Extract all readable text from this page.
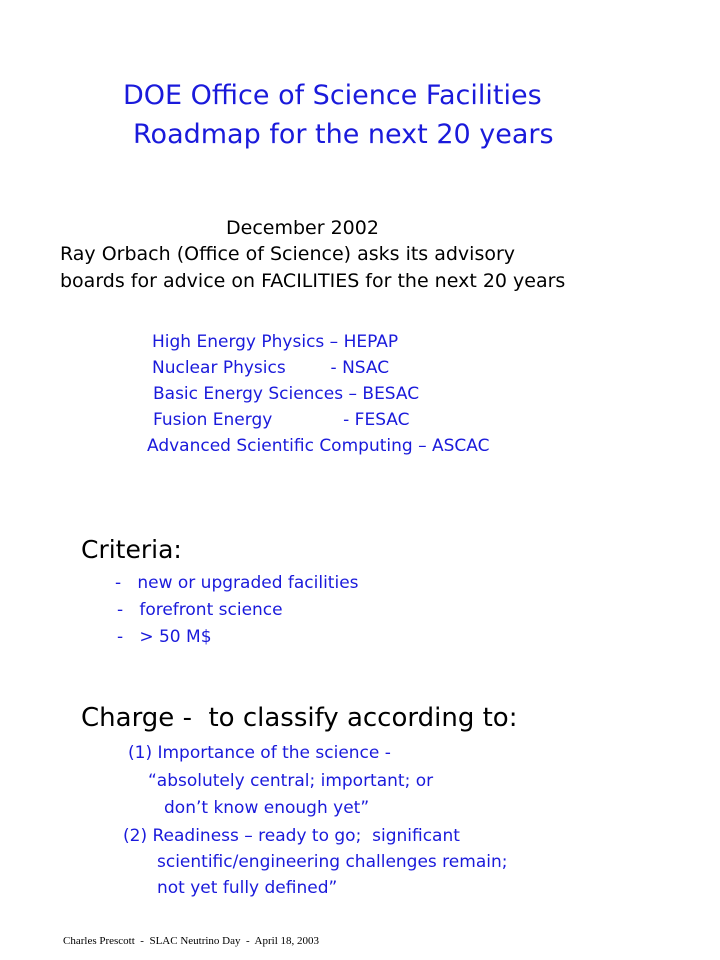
DOE Office of Science Facilities
Roadmap for the next 20 years
December 2002
Ray Orbach (Office of Science) asks its advisory
boards for advice on FACILITIES for the next 20 years
High Energy Physics – HEPAP
Nuclear Physics  - NSAC
Basic Energy Sciences – BESAC
Fusion Energy	- FESAC
Advanced Scientific Computing – ASCAC
Criteria:
-   new or upgraded facilities
-   forefront science
-   > 50 M$
Charge -  to classify according to:
(1) Importance of the science -
“absolutely central; important; or
don’t know enough yet”
(2) Readiness – ready to go;  significant
scientific/engineering challenges remain;
not yet fully defined”
Charles Prescott  -  SLAC Neutrino Day  -  April 18, 2003
